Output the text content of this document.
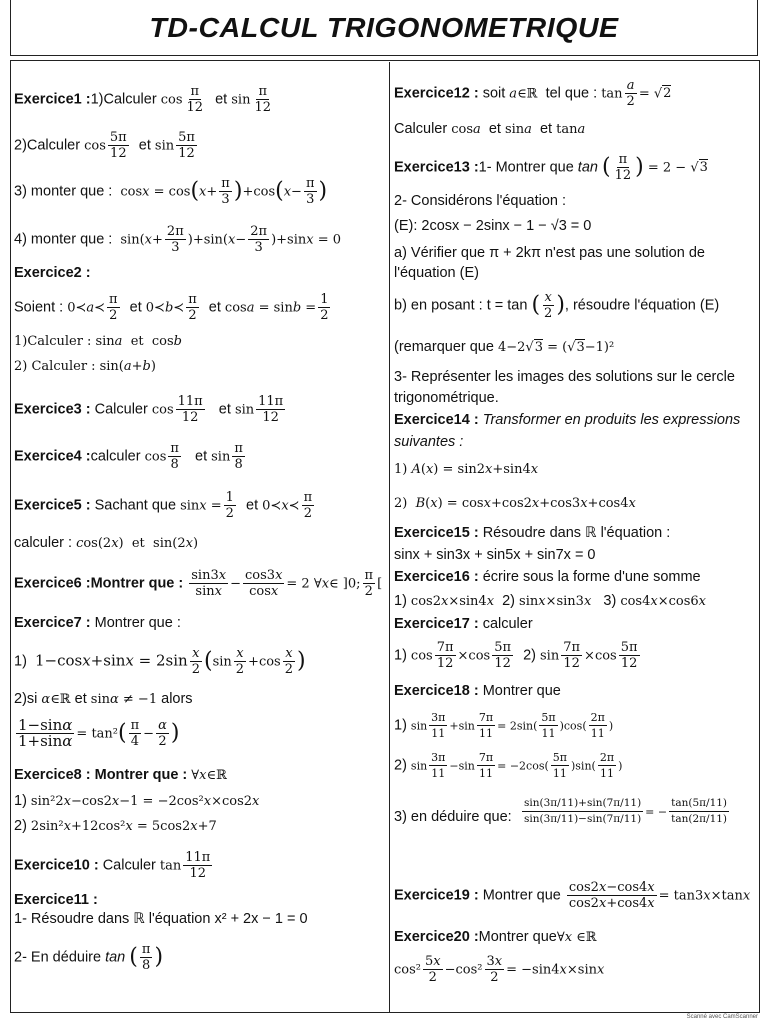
TD-CALCUL TRIGONOMETRIQUE
Exercice1 :1)Calculer $\cos \frac{\pi}{12}$ et $\sin \frac{\pi}{12}$
2)Calculer $\cos \frac{5\pi}{12}$ et $\sin \frac{5\pi}{12}$
3) monter que : $\cos x = \cos(x+ \frac{\pi}{3} )+\cos(x- \frac{\pi}{3}$ )
4) monter que : $\sin(x+ \frac{2\pi}{3} )+\sin(x- \frac{2\pi}{3} )+\sin x = 0$
Exercice2 :
Soient : 0≺a≺ $\frac{\pi}{2}$ et 0≺b≺ $\frac{\pi}{2}$ et $\cos a = \sin b = \frac{1}{2}$
1)Calculer : sina  et  cosb
2) Calculer : sin(a+b)
Exercice3 : Calculer $\cos \frac{11\pi}{12}$ et $\sin \frac{11\pi}{12}$
Exercice4 :calculer $\cos \frac{\pi}{8}$ et $\sin \frac{\pi}{8}$
Exercice5 : Sachant que $\sin x = \frac{1}{2}$ et 0≺x≺ $\frac{\pi}{2}$
calculer : cos(2x)  et  sin(2x)
Exercice6 :Montrer que : $\frac{\sin 3x}{\sin x} - \frac{\cos 3x}{\cos x} = 2$ ∀x∈ ]0; $\frac{\pi}{2}$ [
Exercice7 : Montrer que :
1)  $1-\cos x+\sin x = 2\sin \frac{x}{2} (\sin \frac{x}{2} +\cos \frac{x}{2}$ )
2)si α∈ℝ et sinα ≠ −1 alors
$\frac{1-\sin\alpha}{1+\sin\alpha} = \tan^2( \frac{\pi}{4} - \frac{\alpha}{2}$ )
Exercice8 : Montrer que : ∀x∈ℝ
1) sin²2x−cos2x−1 = −2cos²x×cos2x
2) 2sin²x+12cos²x = 5cos2x+7
Exercice10 : Calculer $\tan \frac{11\pi}{12}$
Exercice11 :
1- Résoudre dans ℝ l'équation x² + 2x − 1 = 0
2- En déduire tan ( $\frac{\pi}{8}$ )
Exercice12 : soit a∈ℝ tel que : $\tan \frac{a}{2} = √2$
Calculer cosa  et sina  et tana
Exercice13 :1- Montrer que tan ( $\frac{\pi}{12}$ ) = 2 − √3
2- Considérons l'équation :
(E): 2cosx − 2sinx − 1 − √3 = 0
a) Vérifier que π + 2kπ n'est pas une solution de
l'équation (E)
b) en posant : t = tan ( $\frac{x}{2}$ ), résoudre l'équation (E)
(remarquer que 4−2√3 = (√3−1)²
3- Représenter les images des solutions sur le cercle
trigonométrique.
Exercice14 : Transformer en produits les expressions
suivantes :
1) A(x) = sin2x+sin4x
2)  B(x) = cosx+cos2x+cos3x+cos4x
Exercice15 : Résoudre dans ℝ l'équation :
sinx + sin3x + sin5x + sin7x = 0
Exercice16 : écrire sous la forme d'une somme
1) cos2x×sin4x  2) sinx×sin3x   3) cos4x×cos6x
Exercice17 : calculer
1) $\cos \frac{7\pi}{12} \times\cos \frac{5\pi}{12} 2$) $\sin \frac{7\pi}{12} \times\cos \frac{5\pi}{12}$
Exercice18 : Montrer que
1) $\sin \frac{3\pi}{11} +\sin \frac{7\pi}{11} = 2\sin( \frac{5\pi}{11} )\cos( \frac{2\pi}{11}$ )
2) $\sin \frac{3\pi}{11} -\sin \frac{7\pi}{11} = -2\cos( \frac{5\pi}{11} )\sin( \frac{2\pi}{11}$ )
3) en déduire que: $\frac{\sin(3\pi/11)+\sin(7\pi/11)}{\sin(3\pi/11)-\sin(7\pi/11)}$ = − $\frac{\tan(5\pi/11)}{\tan(2\pi/11)}$
Exercice19 : Montrer que $\frac{\cos 2x-\cos 4x}{\cos 2x+\cos 4x} = \tan 3x\times\tan x$
Exercice20 :Montrer que∀x ∈ℝ
$\cos^2 \frac{5x}{2} -\cos^2 \frac{3x}{2} = -\sin 4x\times\sin x$
Scanné avec CamScanner
